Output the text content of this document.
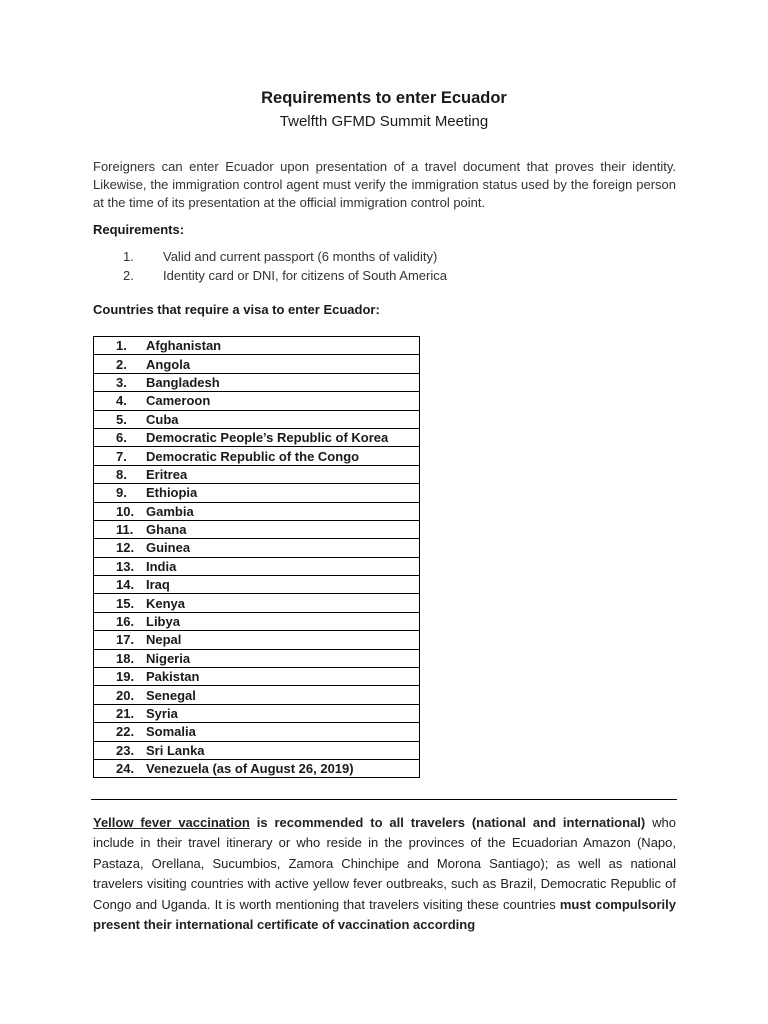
Requirements to enter Ecuador
Twelfth GFMD Summit Meeting
Foreigners can enter Ecuador upon presentation of a travel document that proves their identity. Likewise, the immigration control agent must verify the immigration status used by the foreign person at the time of its presentation at the official immigration control point.
Requirements:
1. Valid and current passport (6 months of validity)
2. Identity card or DNI, for citizens of South America
Countries that require a visa to enter Ecuador:
1. Afghanistan
2. Angola
3. Bangladesh
4. Cameroon
5. Cuba
6. Democratic People’s Republic of Korea
7. Democratic Republic of the Congo
8. Eritrea
9. Ethiopia
10. Gambia
11. Ghana
12. Guinea
13. India
14. Iraq
15. Kenya
16. Libya
17. Nepal
18. Nigeria
19. Pakistan
20. Senegal
21. Syria
22. Somalia
23. Sri Lanka
24. Venezuela (as of August 26, 2019)
Yellow fever vaccination is recommended to all travelers (national and international) who include in their travel itinerary or who reside in the provinces of the Ecuadorian Amazon (Napo, Pastaza, Orellana, Sucumbios, Zamora Chinchipe and Morona Santiago); as well as national travelers visiting countries with active yellow fever outbreaks, such as Brazil, Democratic Republic of Congo and Uganda. It is worth mentioning that travelers visiting these countries must compulsorily present their international certificate of vaccination according
